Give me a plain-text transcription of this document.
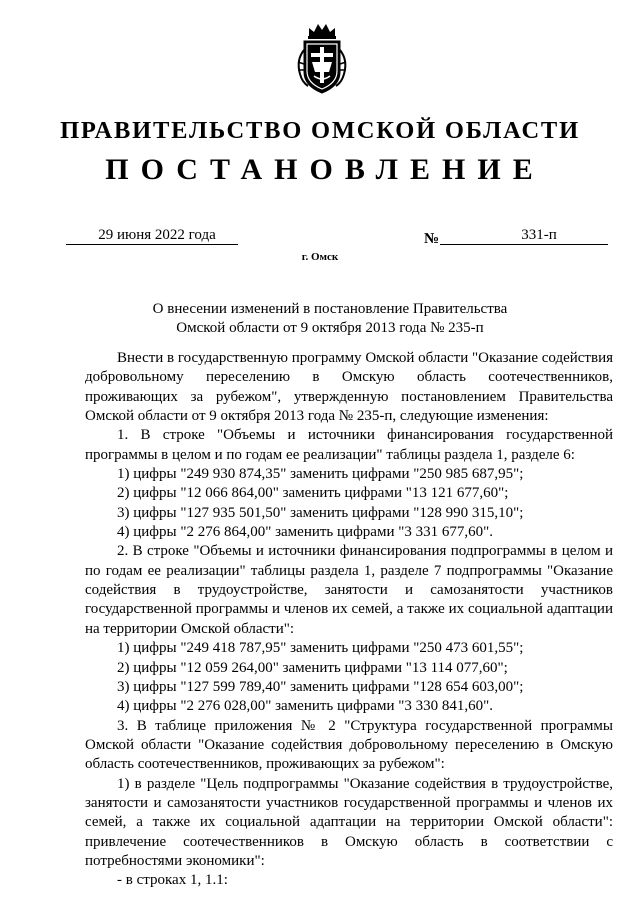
ПРАВИТЕЛЬСТВО ОМСКОЙ ОБЛАСТИ
ПОСТАНОВЛЕНИЕ
29 июня 2022 года	№	331-п
г. Омск
О внесении изменений в постановление Правительства
Омской области от 9 октября 2013 года № 235-п

Внести в государственную программу Омской области "Оказание содействия добровольному переселению в Омскую область соотечественников, проживающих за рубежом", утвержденную постановлением Правительства Омской области от 9 октября 2013 года № 235-п, следующие изменения:

1. В строке "Объемы и источники финансирования государственной программы в целом и по годам ее реализации" таблицы раздела 1, разделе 6:

1) цифры "249 930 874,35" заменить цифрами "250 985 687,95";

2) цифры "12 066 864,00" заменить цифрами "13 121 677,60";

3) цифры "127 935 501,50" заменить цифрами "128 990 315,10";

4) цифры "2 276 864,00" заменить цифрами "3 331 677,60".

2. В строке "Объемы и источники финансирования подпрограммы в целом и по годам ее реализации" таблицы раздела 1, разделе 7 подпрограммы "Оказание содействия в трудоустройстве, занятости и самозанятости участников государственной программы и членов их семей, а также их социальной адаптации на территории Омской области":

1) цифры "249 418 787,95" заменить цифрами "250 473 601,55";

2) цифры "12 059 264,00" заменить цифрами "13 114 077,60";

3) цифры "127 599 789,40" заменить цифрами "128 654 603,00";

4) цифры "2 276 028,00" заменить цифрами "3 330 841,60".

3. В таблице приложения № 2 "Структура государственной программы Омской области "Оказание содействия добровольному переселению в Омскую область соотечественников, проживающих за рубежом":

1) в разделе "Цель подпрограммы "Оказание содействия в трудоустройстве, занятости и самозанятости участников государственной программы и членов их семей, а также их социальной адаптации на территории Омской области": привлечение соотечественников в Омскую область в соответствии с потребностями экономики":

- в строках 1, 1.1:
